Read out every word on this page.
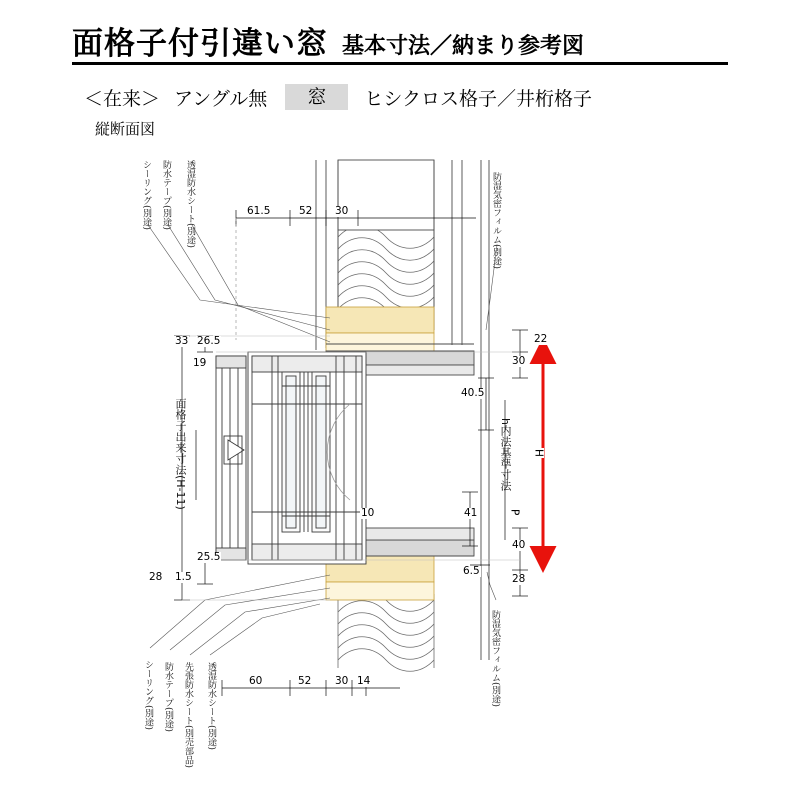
面格子付引違い窓 基本寸法／納まり参考図
＜在来＞ アングル無	窓	ヒシクロス格子／井桁格子
縦断面図
シーリング(別途) 防水テープ(別途) 透湿防水シート(別途)	防湿気密フィルム(別途)
シーリング(別途) 防水テープ(別途) 先張防水シート(別売部品) 透湿防水シート(別途)	防湿気密フィルム(別途)
面格子出来寸法(H-11)	h内法基準寸法 H
P
61.5	52 30
60	52 30 14
33 26.5
19
25.5
1.5
28
22
30
40.5
41
40
28
6.5
10
